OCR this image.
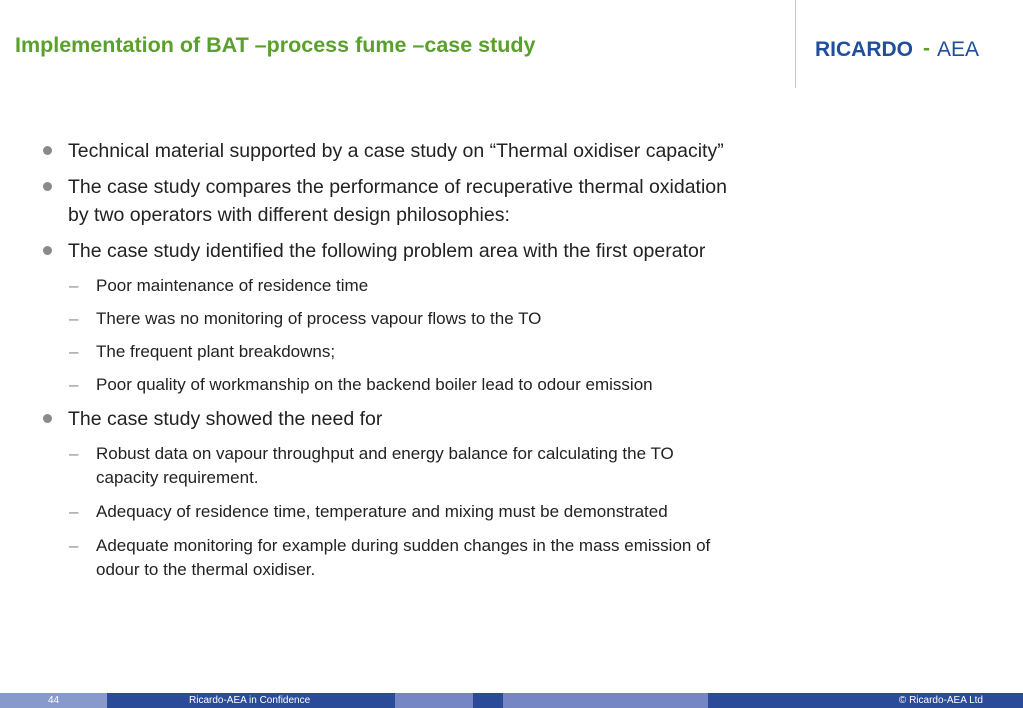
Implementation of BAT –process fume –case study	RICARDO - AEA
Technical material supported by a case study on “Thermal oxidiser capacity”
The case study compares the performance of recuperative thermal oxidation
by two operators with different design philosophies:
The case study identified the following problem area with the first operator
– Poor maintenance of residence time
– There was no monitoring of process vapour flows to the TO
– The frequent plant breakdowns;
– Poor quality of workmanship on the backend boiler lead to odour emission
The case study showed the need for
– Robust data on vapour throughput and energy balance for calculating the TO
capacity requirement.
– Adequacy of residence time, temperature and mixing must be demonstrated
– Adequate monitoring for example during sudden changes in the mass emission of
odour to the thermal oxidiser.
44	Ricardo-AEA in Confidence	© Ricardo-AEA Ltd
